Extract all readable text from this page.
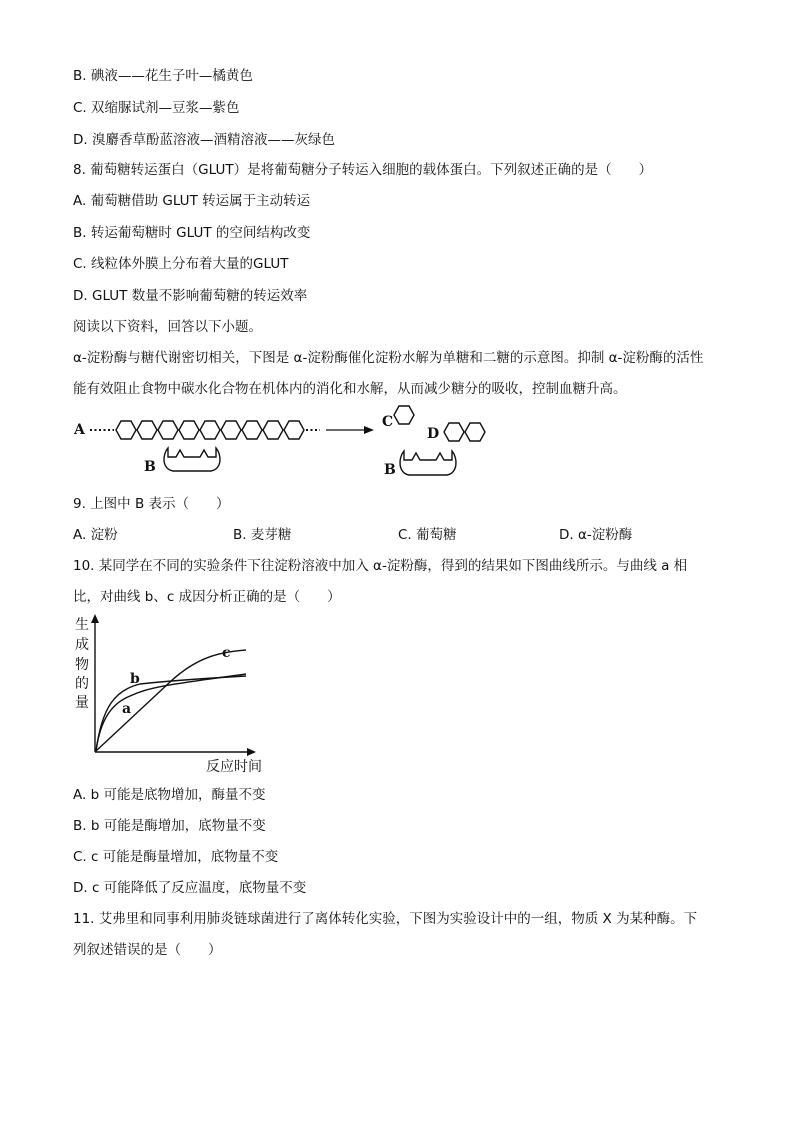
B. 碘液——花生子叶—橘黄色
C. 双缩脲试剂—豆浆—紫色
D. 溴麝香草酚蓝溶液—酒精溶液——灰绿色
8. 葡萄糖转运蛋白（GLUT）是将葡萄糖分子转运入细胞的载体蛋白。下列叙述正确的是（　　）
A. 葡萄糖借助 GLUT 转运属于主动转运
B. 转运葡萄糖时 GLUT 的空间结构改变
C. 线粒体外膜上分布着大量的GLUT
D. GLUT 数量不影响葡萄糖的转运效率
阅读以下资料，回答以下小题。
α-淀粉酶与糖代谢密切相关，下图是 α-淀粉酶催化淀粉水解为单糖和二糖的示意图。抑制 α-淀粉酶的活性
能有效阻止食物中碳水化合物在机体内的消化和水解，从而减少糖分的吸收，控制血糖升高。
A
B
C
D
B
9. 上图中 B 表示（　　）
A. 淀粉	B. 麦芽糖	C. 葡萄糖	D. α-淀粉酶
10. 某同学在不同的实验条件下往淀粉溶液中加入 α-淀粉酶，得到的结果如下图曲线所示。与曲线 a 相
比，对曲线 b、c 成因分析正确的是（　　）
生
成
物
的
量
c
b
a
反应时间
A. b 可能是底物增加，酶量不变
B. b 可能是酶增加，底物量不变
C. c 可能是酶量增加，底物量不变
D. c 可能降低了反应温度，底物量不变
11. 艾弗里和同事利用肺炎链球菌进行了离体转化实验，下图为实验设计中的一组，物质 X 为某种酶。下
列叙述错误的是（　　）
